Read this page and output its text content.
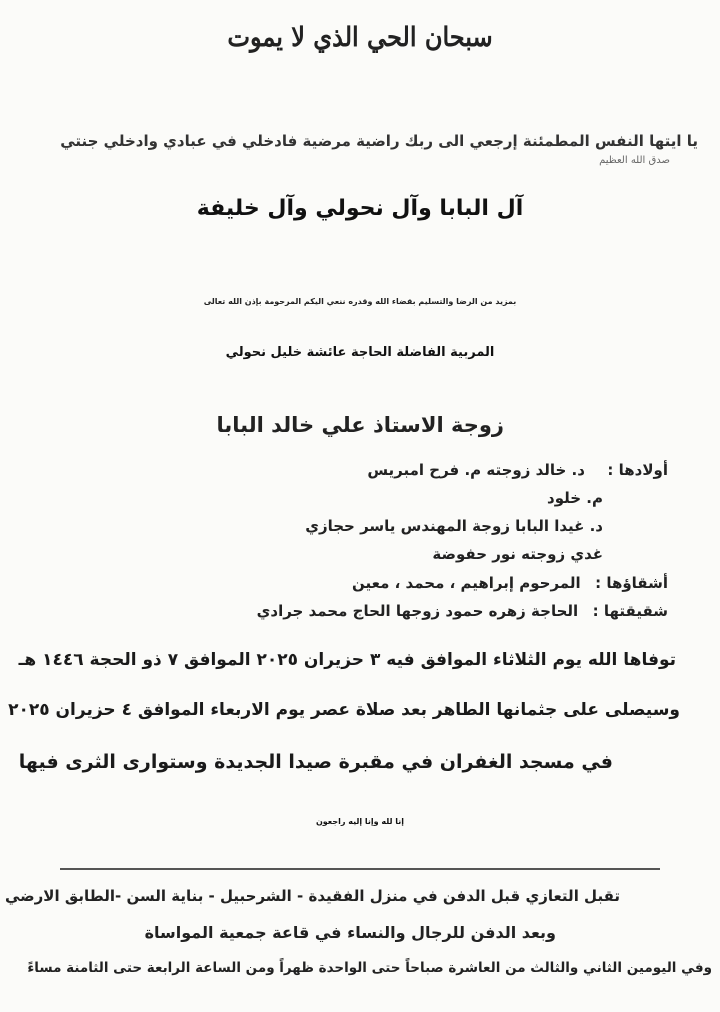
سبحان الحي الذي لا يموت
يا ايتها النفس المطمئنة إرجعي الى ربك راضية مرضية فادخلي في عبادي وادخلي جنتي
صدق الله العظيم
آل البابا وآل نحولي وآل خليفة
بمزيد من الرضا والتسليم بقضاء الله وقدره ننعي اليكم المرحومة بإذن الله تعالى
المربية الفاضلة الحاجة عائشة خليل نحولي
زوجة الاستاذ علي خالد البابا
أولادها :  د. خالد زوجته م. فرح امبريس
م. خلود
د. غيدا البابا زوجة المهندس ياسر حجازي
غدي زوجته نور حفوضة
أشقاؤها :  المرحوم إبراهيم ، محمد ، معين
شقيقتها :  الحاجة زهره حمود زوجها الحاج محمد جرادي
توفاها الله يوم الثلاثاء الموافق فيه ٣ حزيران ٢٠٢٥ الموافق ٧ ذو الحجة ١٤٤٦ هـ
وسيصلى على جثمانها الطاهر بعد صلاة عصر يوم الاربعاء الموافق ٤ حزيران ٢٠٢٥
في مسجد الغفران في مقبرة صيدا الجديدة وستوارى الثرى فيها
إنا لله وإنا إليه راجعون
تقبل التعازي قبل الدفن في منزل الفقيدة - الشرحبيل - بناية السن -الطابق الارضي
وبعد الدفن للرجال والنساء في قاعة جمعية المواساة
وفي اليومين الثاني والثالث من العاشرة صباحاً حتى الواحدة ظهراً ومن الساعة الرابعة حتى الثامنة مساءً
